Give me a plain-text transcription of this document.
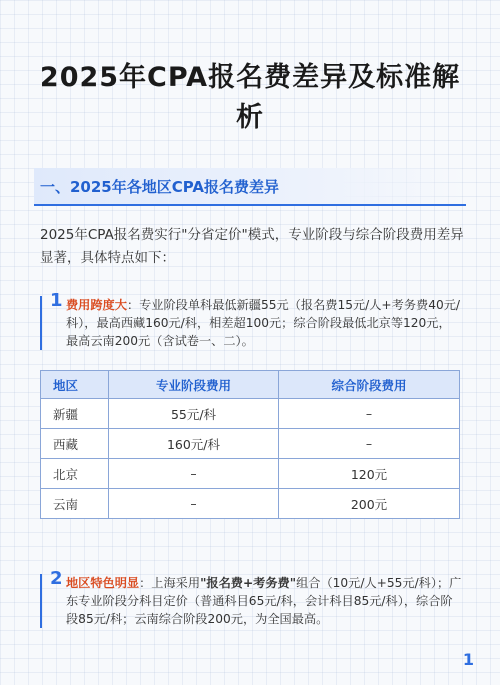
2025年CPA报名费差异及标准解析
一、2025年各地区CPA报名费差异

2025年CPA报名费实行"分省定价"模式，专业阶段与综合阶段费用差异显著，具体特点如下：

1 费用跨度大：专业阶段单科最低新疆55元（报名费15元/人+考务费40元/科），最高西藏160元/科，相差超100元；综合阶段最低北京等120元，最高云南200元（含试卷一、二）。
地区	专业阶段费用	综合阶段费用
新疆	55元/科	–
西藏	160元/科	–
北京	–	120元
云南	–	200元
2 地区特色明显：上海采用"报名费+考务费"组合（10元/人+55元/科）；广东专业阶段分科目定价（普通科目65元/科，会计科目85元/科），综合阶段85元/科；云南综合阶段200元，为全国最高。
1
